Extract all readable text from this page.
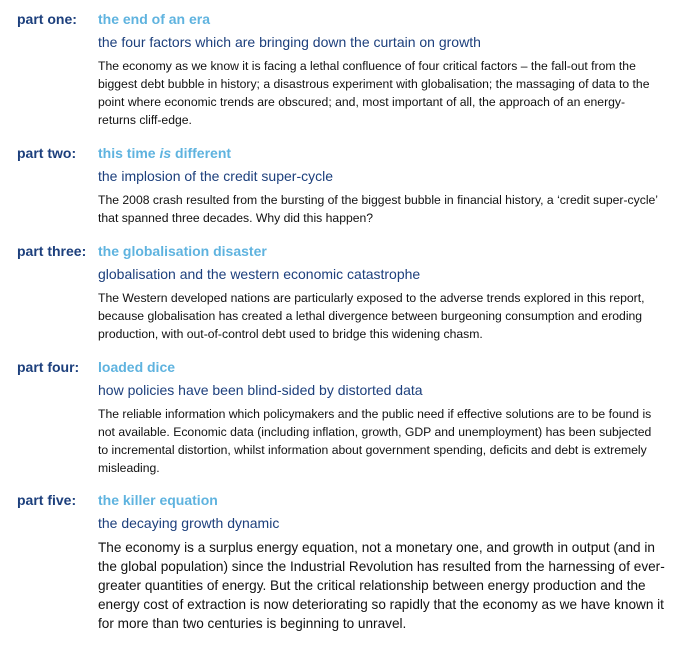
part one: the end of an era
the four factors which are bringing down the curtain on growth
The economy as we know it is facing a lethal confluence of four critical factors – the fall-out from the biggest debt bubble in history; a disastrous experiment with globalisation; the massaging of data to the point where economic trends are obscured; and, most important of all, the approach of an energy-returns cliff-edge.
part two: this time is different
the implosion of the credit super-cycle
The 2008 crash resulted from the bursting of the biggest bubble in financial history, a ‘credit super-cycle’ that spanned three decades. Why did this happen?
part three: the globalisation disaster
globalisation and the western economic catastrophe
The Western developed nations are particularly exposed to the adverse trends explored in this report, because globalisation has created a lethal divergence between burgeoning consumption and eroding production, with out-of-control debt used to bridge this widening chasm.
part four: loaded dice
how policies have been blind-sided by distorted data
The reliable information which policymakers and the public need if effective solutions are to be found is not available. Economic data (including inflation, growth, GDP and unemployment) has been subjected to incremental distortion, whilst information about government spending, deficits and debt is extremely misleading.
part five: the killer equation
the decaying growth dynamic
The economy is a surplus energy equation, not a monetary one, and growth in output (and in the global population) since the Industrial Revolution has resulted from the harnessing of ever-greater quantities of energy. But the critical relationship between energy production and the energy cost of extraction is now deteriorating so rapidly that the economy as we have known it for more than two centuries is beginning to unravel.
